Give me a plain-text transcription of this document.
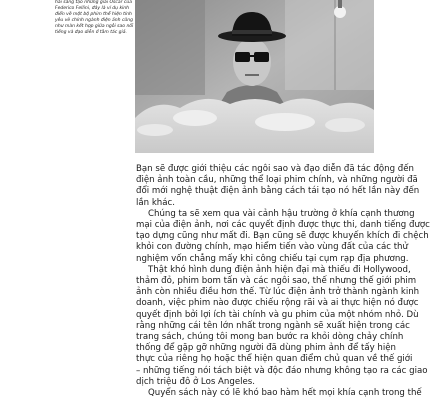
hài sáng tạo những giải Oscar của
Federico Fellini, đây là ví dụ kinh
điển về một bộ phim thể hiện tính
yêu vẽ chính ngành điện ảnh cũng
như màn kết hợp giữa ngôi sao nổi
tiếng và đạo diễn ở tầm tác giả.
Bạn sẽ được giới thiệu các ngôi sao và đạo diễn đã tác động đến
điện ảnh toàn cầu, những thể loại phim chính, và những người đã
đổi mới nghệ thuật điện ảnh bằng cách tái tạo nó hết lần này đến
lần khác.
Chúng ta sẽ xem qua vài cảnh hậu trường ở khía cạnh thương
mại của điện ảnh, nơi các quyết định được thực thi, danh tiếng được
tạo dựng cũng như mất đi. Bạn cũng sẽ được khuyến khích đi chệch
khỏi con đường chính, mạo hiểm tiến vào vùng đất của các thử
nghiệm vốn chẳng mấy khi công chiếu tại cụm rạp địa phương.
Thật khó hình dung điện ảnh hiện đại mà thiếu đi Hollywood,
thảm đỏ, phim bom tấn và các ngôi sao, thế nhưng thế giới phim
ảnh còn nhiều điều hơn thế. Từ lúc điện ảnh trở thành ngành kinh
doanh, việc phim nào được chiếu rộng rãi và ai thực hiện nó được
quyết định bởi lợi ích tài chính và gu phim của một nhóm nhỏ. Dù
rằng những cái tên lớn nhất trong ngành sẽ xuất hiện trong các
trang sách, chúng tôi mong ban bước ra khỏi dòng chảy chính
thống để gặp gỡ những người đã dùng phim ảnh để tấy hiện
thực của riêng họ hoặc thể hiện quan điểm chủ quan về thế giới
– những tiếng nói tách biệt và độc đáo nhưng không tạo ra các giao
dịch triệu đô ở Los Angeles.
Quyển sách này có lẽ khó bao hàm hết mọi khía cạnh trong thế
